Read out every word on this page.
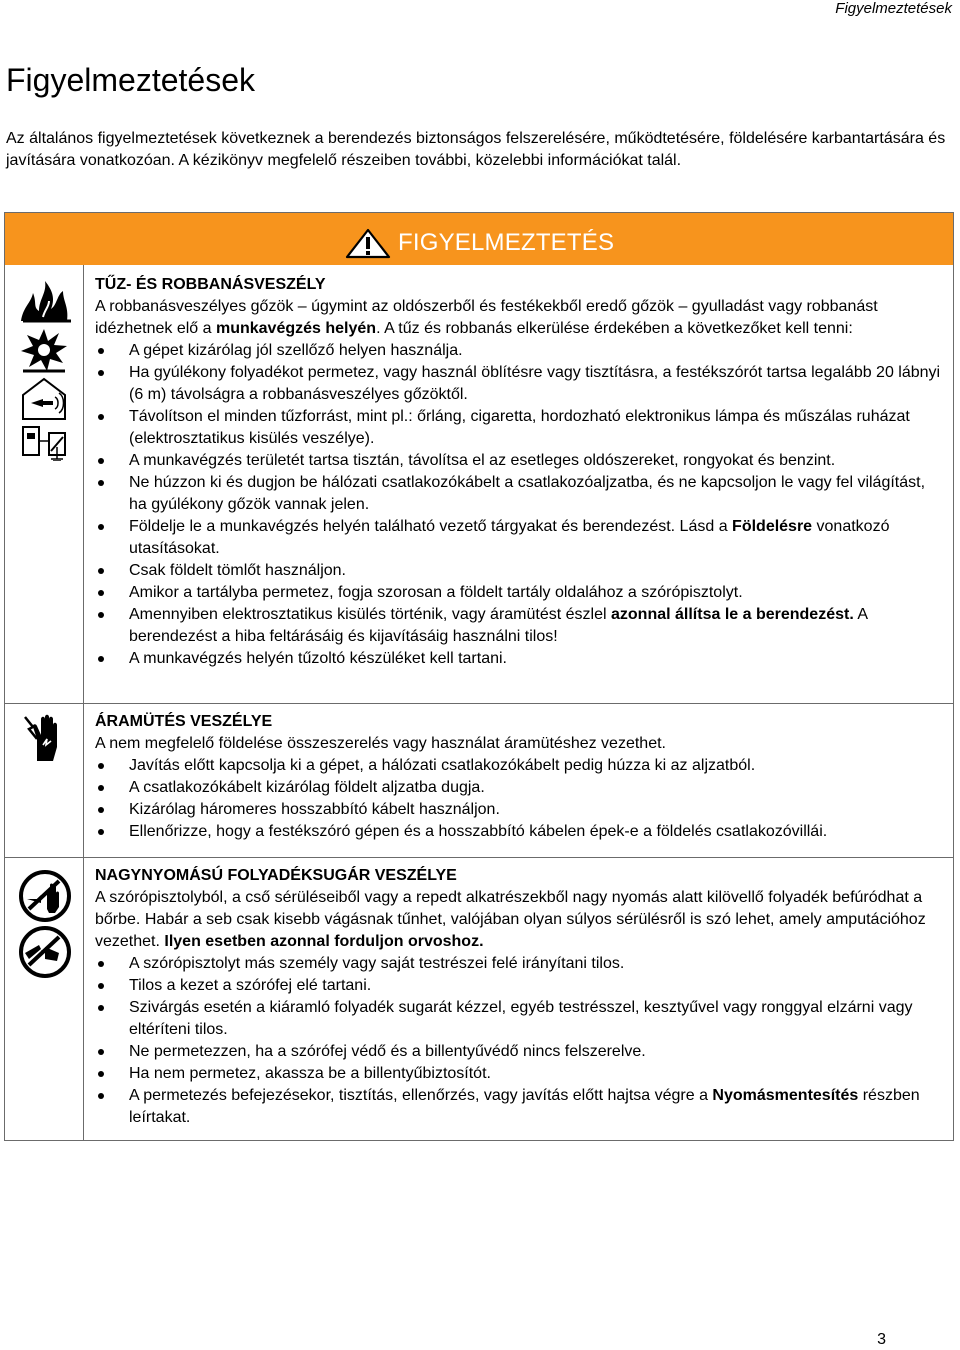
Figyelmeztetések
Figyelmeztetések

Az általános figyelmeztetések következnek a berendezés biztonságos felszerelésére, működtetésére, földelésére karbantartására és javítására vonatkozóan. A kézikönyv megfelelő részeiben további, közelebbi információkat talál.

FIGYELMEZTETÉS
TŰZ- ÉS ROBBANÁSVESZÉLY

A robbanásveszélyes gőzök – úgymint az oldószerből és festékekből eredő gőzök – gyulladást vagy robbanást idézhetnek elő a munkavégzés helyén. A tűz és robbanás elkerülése érdekében a következőket kell tenni:

A gépet kizárólag jól szellőző helyen használja.
Ha gyúlékony folyadékot permetez, vagy használ öblítésre vagy tisztításra, a festékszórót tartsa legalább 20 lábnyi (6 m) távolságra a robbanásveszélyes gőzöktől.
Távolítson el minden tűzforrást, mint pl.: őrláng, cigaretta, hordozható elektronikus lámpa és műszálas ruházat (elektrosztatikus kisülés veszélye).
A munkavégzés területét tartsa tisztán, távolítsa el az esetleges oldószereket, rongyokat és benzint.
Ne húzzon ki és dugjon be hálózati csatlakozókábelt a csatlakozóaljzatba, és ne kapcsoljon le vagy fel világítást, ha gyúlékony gőzök vannak jelen.
Földelje le a munkavégzés helyén található vezető tárgyakat és berendezést. Lásd a Földelésre vonatkozó utasításokat.
Csak földelt tömlőt használjon.
Amikor a tartályba permetez, fogja szorosan a földelt tartály oldalához a szórópisztolyt.
Amennyiben elektrosztatikus kisülés történik, vagy áramütést észlel azonnal állítsa le a berendezést. A berendezést a hiba feltárásáig és kijavításáig használni tilos!
A munkavégzés helyén tűzoltó készüléket kell tartani.
ÁRAMÜTÉS VESZÉLYE

A nem megfelelő földelése összeszerelés vagy használat áramütéshez vezethet.

Javítás előtt kapcsolja ki a gépet, a hálózati csatlakozókábelt pedig húzza ki az aljzatból.
A csatlakozókábelt kizárólag földelt aljzatba dugja.
Kizárólag háromeres hosszabbító kábelt használjon.
Ellenőrizze, hogy a festékszóró gépen és a hosszabbító kábelen épek-e a földelés csatlakozóvillái.
NAGYNYOMÁSÚ FOLYADÉKSUGÁR VESZÉLYE

A szórópisztolyból, a cső sérüléseiből vagy a repedt alkatrészekből nagy nyomás alatt kilövellő folyadék befúródhat a bőrbe. Habár a seb csak kisebb vágásnak tűnhet, valójában olyan súlyos sérülésről is szó lehet, amely amputációhoz vezethet. Ilyen esetben azonnal forduljon orvoshoz.

A szórópisztolyt más személy vagy saját testrészei felé irányítani tilos.
Tilos a kezet a szórófej elé tartani.
Szivárgás esetén a kiáramló folyadék sugarát kézzel, egyéb testrésszel, kesztyűvel vagy ronggyal elzárni vagy eltéríteni tilos.
Ne permetezzen, ha a szórófej védő és a billentyűvédő nincs felszerelve.
Ha nem permetez, akassza be a billentyűbiztosítót.
A permetezés befejezésekor, tisztítás, ellenőrzés, vagy javítás előtt hajtsa végre a Nyomásmentesítés részben leírtakat.
3
